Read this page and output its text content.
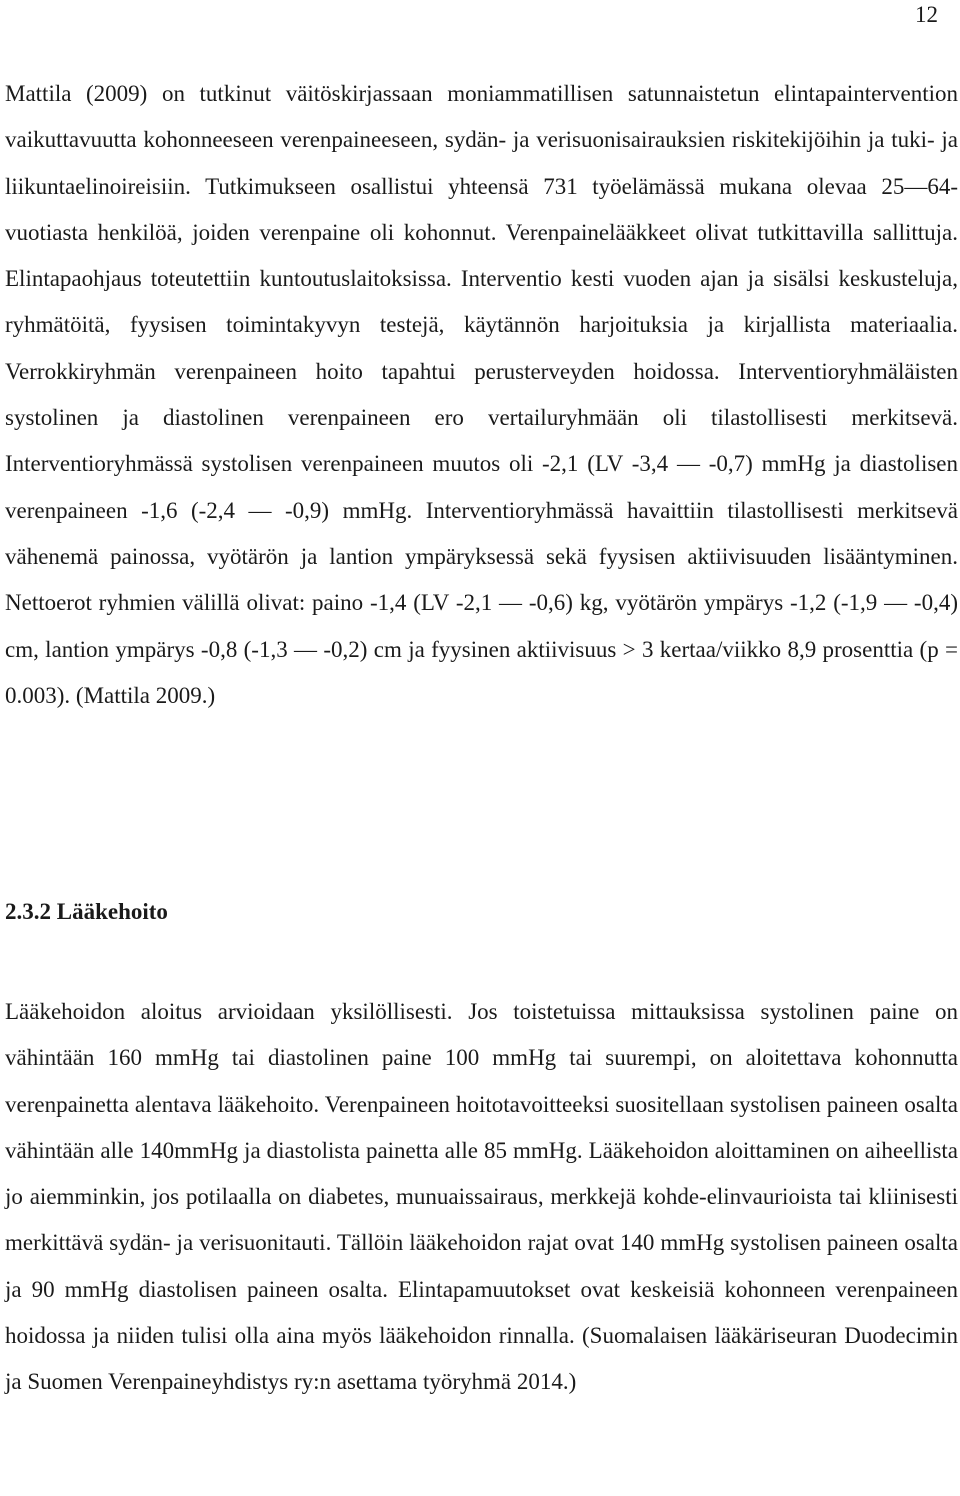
12

Mattila (2009) on tutkinut väitöskirjassaan moniammatillisen satunnaistetun elintapaintervention vaikuttavuutta kohonneeseen verenpaineeseen, sydän- ja verisuonisairauksien riskitekijöihin ja tuki- ja liikuntaelinoireisiin. Tutkimukseen osallistui yhteensä 731 työelämässä mukana olevaa 25—64-vuotiasta henkilöä, joiden verenpaine oli kohonnut. Verenpainelääkkeet olivat tutkittavilla sallittuja. Elintapaohjaus toteutettiin kuntoutuslaitoksissa. Interventio kesti vuoden ajan ja sisälsi keskusteluja, ryhmätöitä, fyysisen toimintakyvyn testejä, käytännön harjoituksia ja kirjallista materiaalia. Verrokkiryhmän verenpaineen hoito tapahtui perusterveyden hoidossa. Interventioryhmäläisten systolinen ja diastolinen verenpaineen ero vertailuryhmään oli tilastollisesti merkitsevä. Interventioryhmässä systolisen verenpaineen muutos oli -2,1 (LV -3,4 — -0,7) mmHg ja diastolisen verenpaineen -1,6 (-2,4 — -0,9) mmHg. Interventioryhmässä havaittiin tilastollisesti merkitsevä vähenemä painossa, vyötärön ja lantion ympäryksessä sekä fyysisen aktiivisuuden lisääntyminen. Nettoerot ryhmien välillä olivat: paino -1,4 (LV -2,1 — -0,6) kg, vyötärön ympärys -1,2 (-1,9 — -0,4) cm, lantion ympärys -0,8 (-1,3 — -0,2) cm ja fyysinen aktiivisuus > 3 kertaa/viikko 8,9 prosenttia (p = 0.003). (Mattila 2009.)

2.3.2 Lääkehoito

Lääkehoidon aloitus arvioidaan yksilöllisesti. Jos toistetuissa mittauksissa systolinen paine on vähintään 160 mmHg tai diastolinen paine 100 mmHg tai suurempi, on aloitettava kohonnutta verenpainetta alentava lääkehoito. Verenpaineen hoitotavoitteeksi suositellaan systolisen paineen osalta vähintään alle 140mmHg ja diastolista painetta alle 85 mmHg. Lääkehoidon aloittaminen on aiheellista jo aiemminkin, jos potilaalla on diabetes, munuaissairaus, merkkejä kohde-elinvaurioista tai kliinisesti merkittävä sydän- ja verisuonitauti. Tällöin lääkehoidon rajat ovat 140 mmHg systolisen paineen osalta ja 90 mmHg diastolisen paineen osalta. Elintapamuutokset ovat keskeisiä kohonneen verenpaineen hoidossa ja niiden tulisi olla aina myös lääkehoidon rinnalla. (Suomalaisen lääkäriseuran Duodecimin ja Suomen Verenpaineyhdistys ry:n asettama työryhmä 2014.)
